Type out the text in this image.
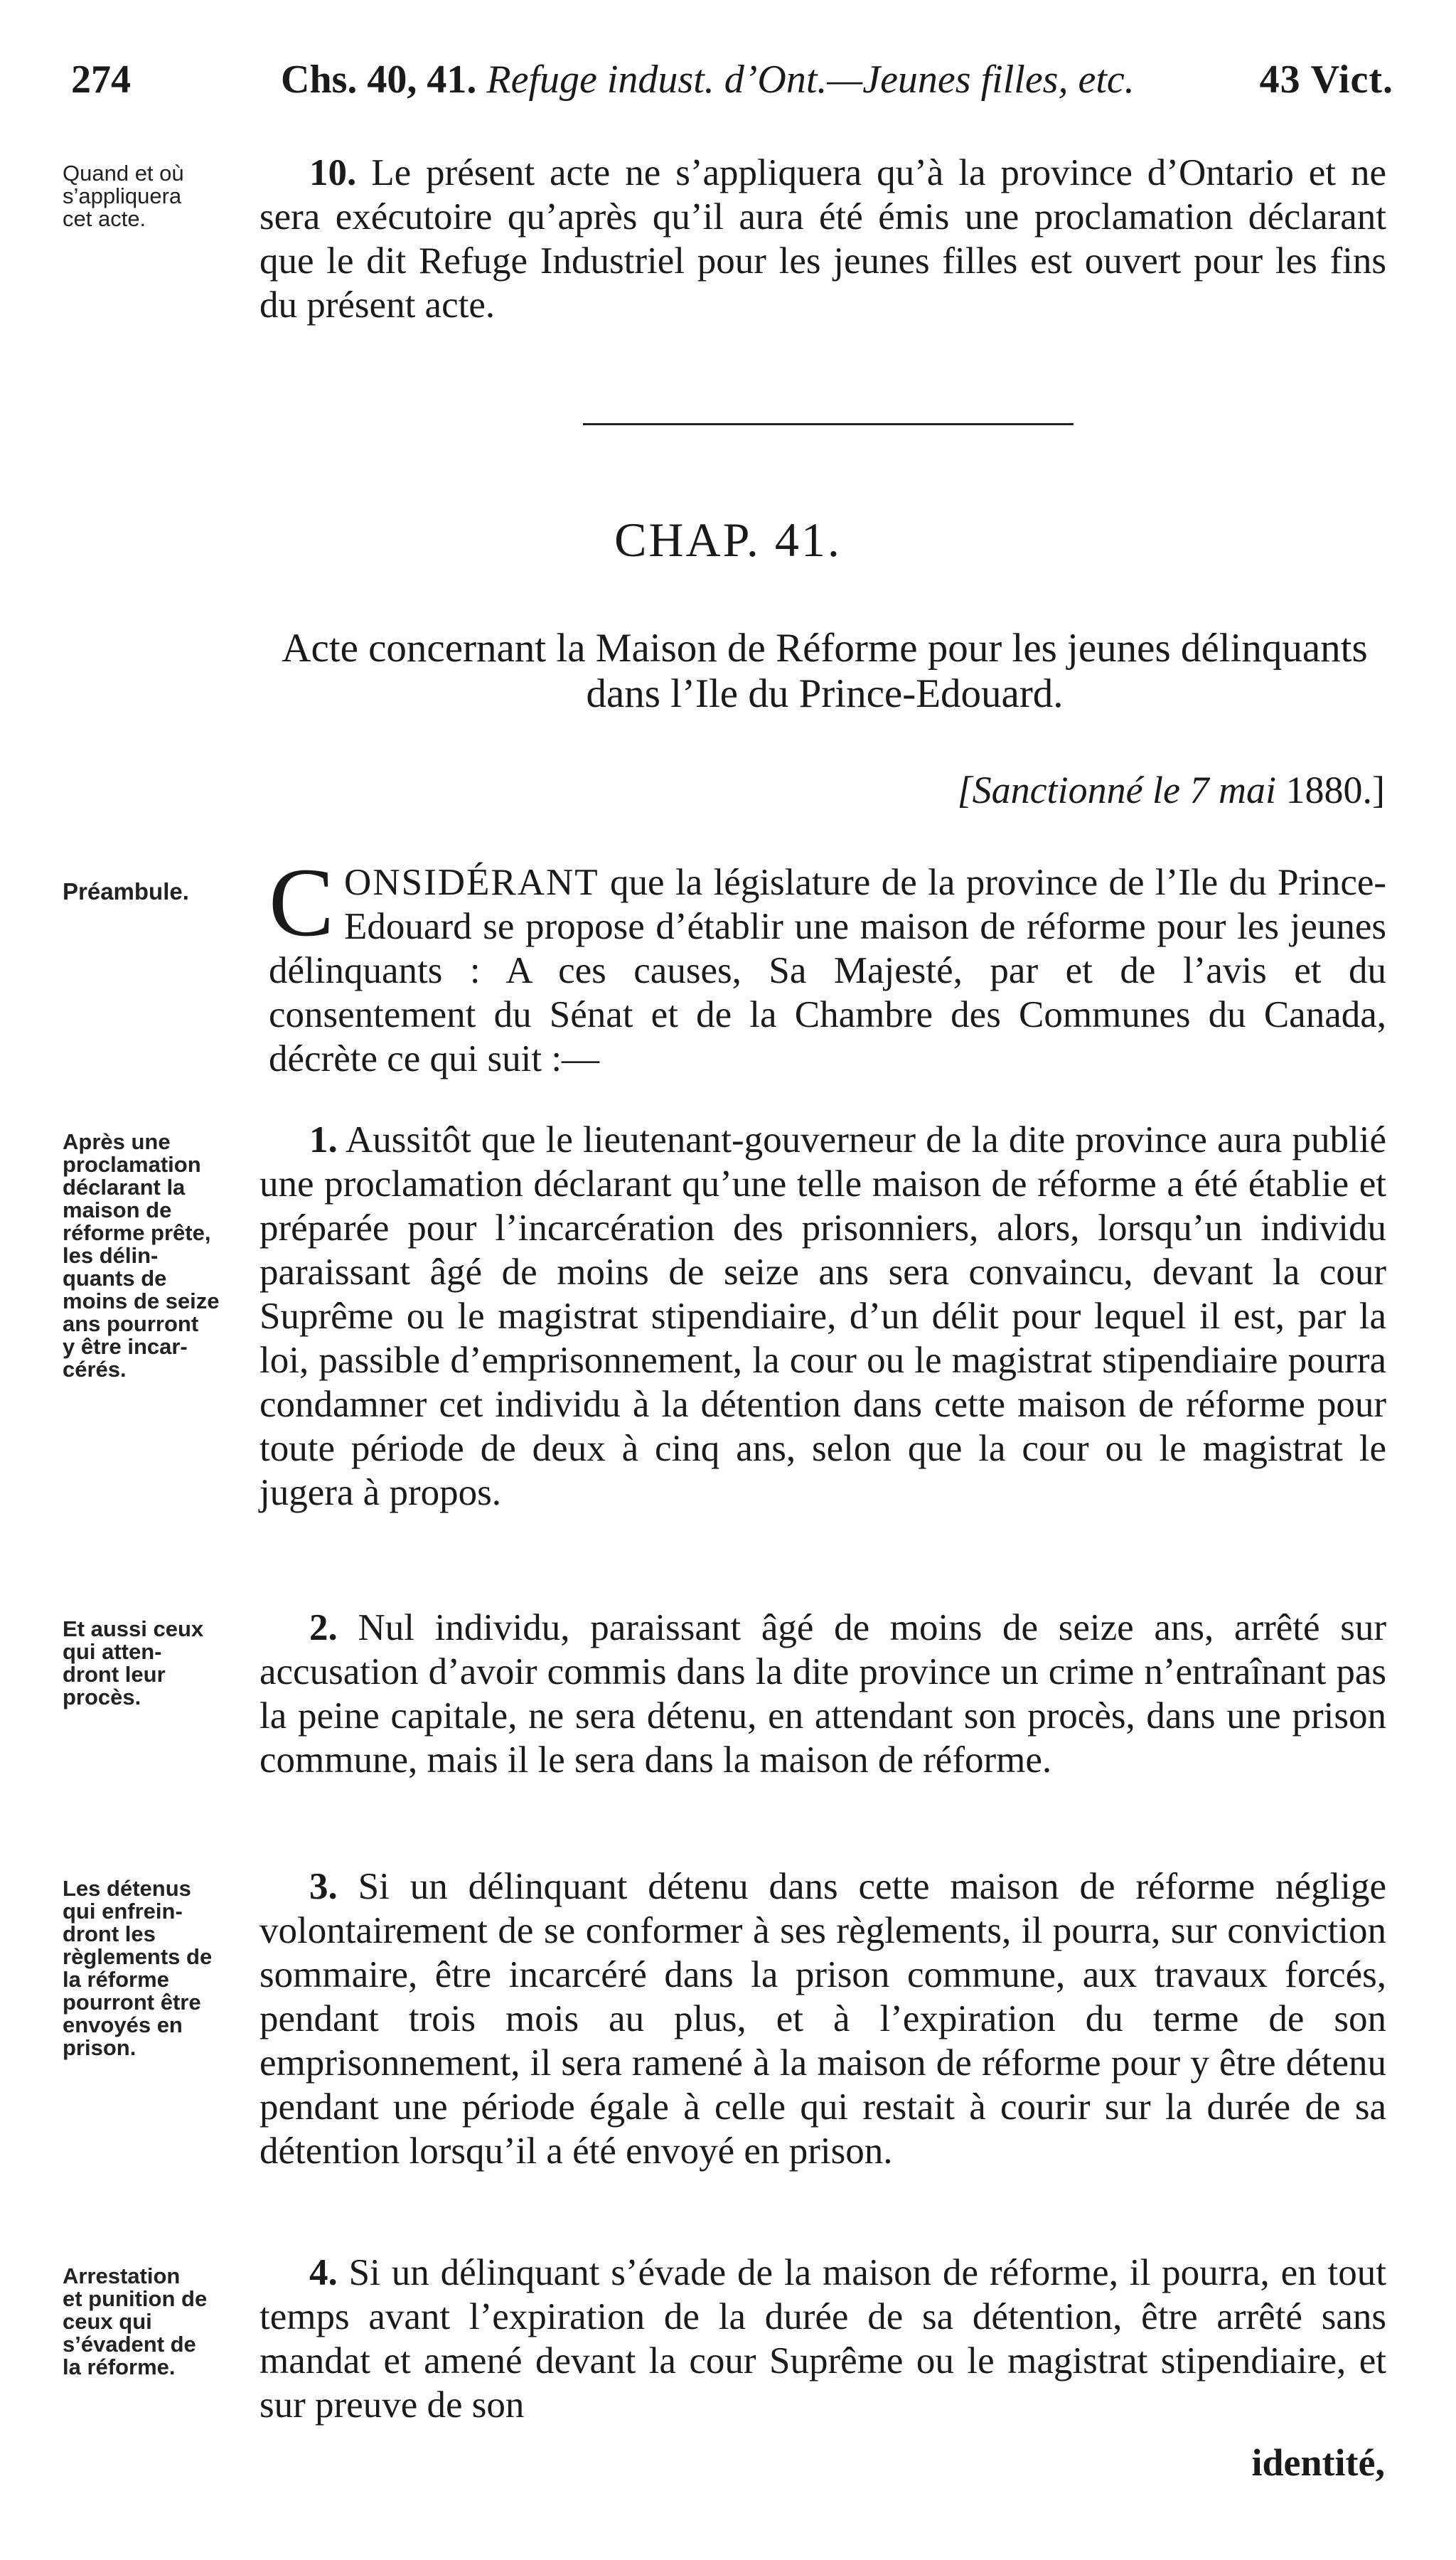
274	Chs. 40, 41. Refuge indust. d’Ont.—Jeunes filles, etc.	43 Vict.
Quand et où
s’appliquera
cet acte.
10. Le présent acte ne s’appliquera qu’à la province d’Ontario et ne sera exécutoire qu’après qu’il aura été émis une proclamation déclarant que le dit Refuge Industriel pour les jeunes filles est ouvert pour les fins du présent acte.
CHAP. 41.
Acte concernant la Maison de Réforme pour les jeunes délinquants dans l’Ile du Prince-Edouard.
[Sanctionné le 7 mai 1880.]
Préambule. CONSIDÉRANT que la législature de la province de l’Ile du Prince-Edouard se propose d’établir une maison de réforme pour les jeunes délinquants : A ces causes, Sa Majesté, par et de l’avis et du consentement du Sénat et de la Chambre des Communes du Canada, décrète ce qui suit :—
Après une
proclamation
déclarant la
maison de
réforme prête,
les délin-
quants de
moins de seize
ans pourront
y être incar-
cérés.
1. Aussitôt que le lieutenant-gouverneur de la dite province aura publié une proclamation déclarant qu’une telle maison de réforme a été établie et préparée pour l’incarcération des prisonniers, alors, lorsqu’un individu paraissant âgé de moins de seize ans sera convaincu, devant la cour Suprême ou le magistrat stipendiaire, d’un délit pour lequel il est, par la loi, passible d’emprisonnement, la cour ou le magistrat stipendiaire pourra condamner cet individu à la détention dans cette maison de réforme pour toute période de deux à cinq ans, selon que la cour ou le magistrat le jugera à propos.
Et aussi ceux
qui atten-
dront leur
procès.
2. Nul individu, paraissant âgé de moins de seize ans, arrêté sur accusation d’avoir commis dans la dite province un crime n’entraînant pas la peine capitale, ne sera détenu, en attendant son procès, dans une prison commune, mais il le sera dans la maison de réforme.
Les détenus
qui enfrein-
dront les
règlements de
la réforme
pourront être
envoyés en
prison.
3. Si un délinquant détenu dans cette maison de réforme néglige volontairement de se conformer à ses règlements, il pourra, sur conviction sommaire, être incarcéré dans la prison commune, aux travaux forcés, pendant trois mois au plus, et à l’expiration du terme de son emprisonnement, il sera ramené à la maison de réforme pour y être détenu pendant une période égale à celle qui restait à courir sur la durée de sa détention lorsqu’il a été envoyé en prison.
Arrestation
et punition de
ceux qui
s’évadent de
la réforme.
4. Si un délinquant s’évade de la maison de réforme, il pourra, en tout temps avant l’expiration de la durée de sa détention, être arrêté sans mandat et amené devant la cour Suprême ou le magistrat stipendiaire, et sur preuve de son
identité,
